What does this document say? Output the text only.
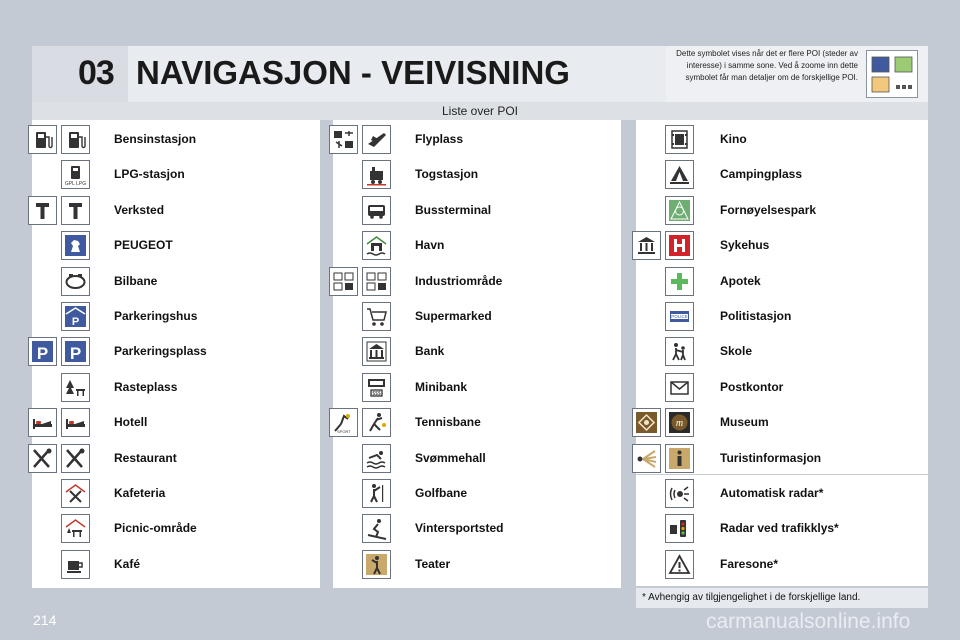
03 NAVIGASJON - VEIVISNING
Dette symbolet vises når det er flere POI (steder av interesse) i samme sone. Ved å zoome inn dette symbolet får man detaljer om de forskjellige POI.
Liste over POI
Bensinstasjon
GPL LPG
LPG-stasjon
Verksted
PEUGEOT
Bilbane
P	Parkeringshus
P P	Parkeringsplass
Rasteplass
Hotell
Restaurant
Kafeteria
Picnic-område
Kafé
Flyplass
Togstasjon
Bussterminal
Havn
Industriområde
Supermarked
Bank
$$$	Minibank
SPORT
Tennisbane
Svømmehall
Golfbane
Vintersportsted
Teater
Kino
Campingplass
Fornøyelsespark
Sykehus
Apotek
POLICE	Politistasjon
Skole
Postkontor
m	Museum
Turistinformasjon
Automatisk radar*
Radar ved trafikklys*
Faresone*
* Avhengig av tilgjengelighet i de forskjellige land.
214	carmanualsonline.info
